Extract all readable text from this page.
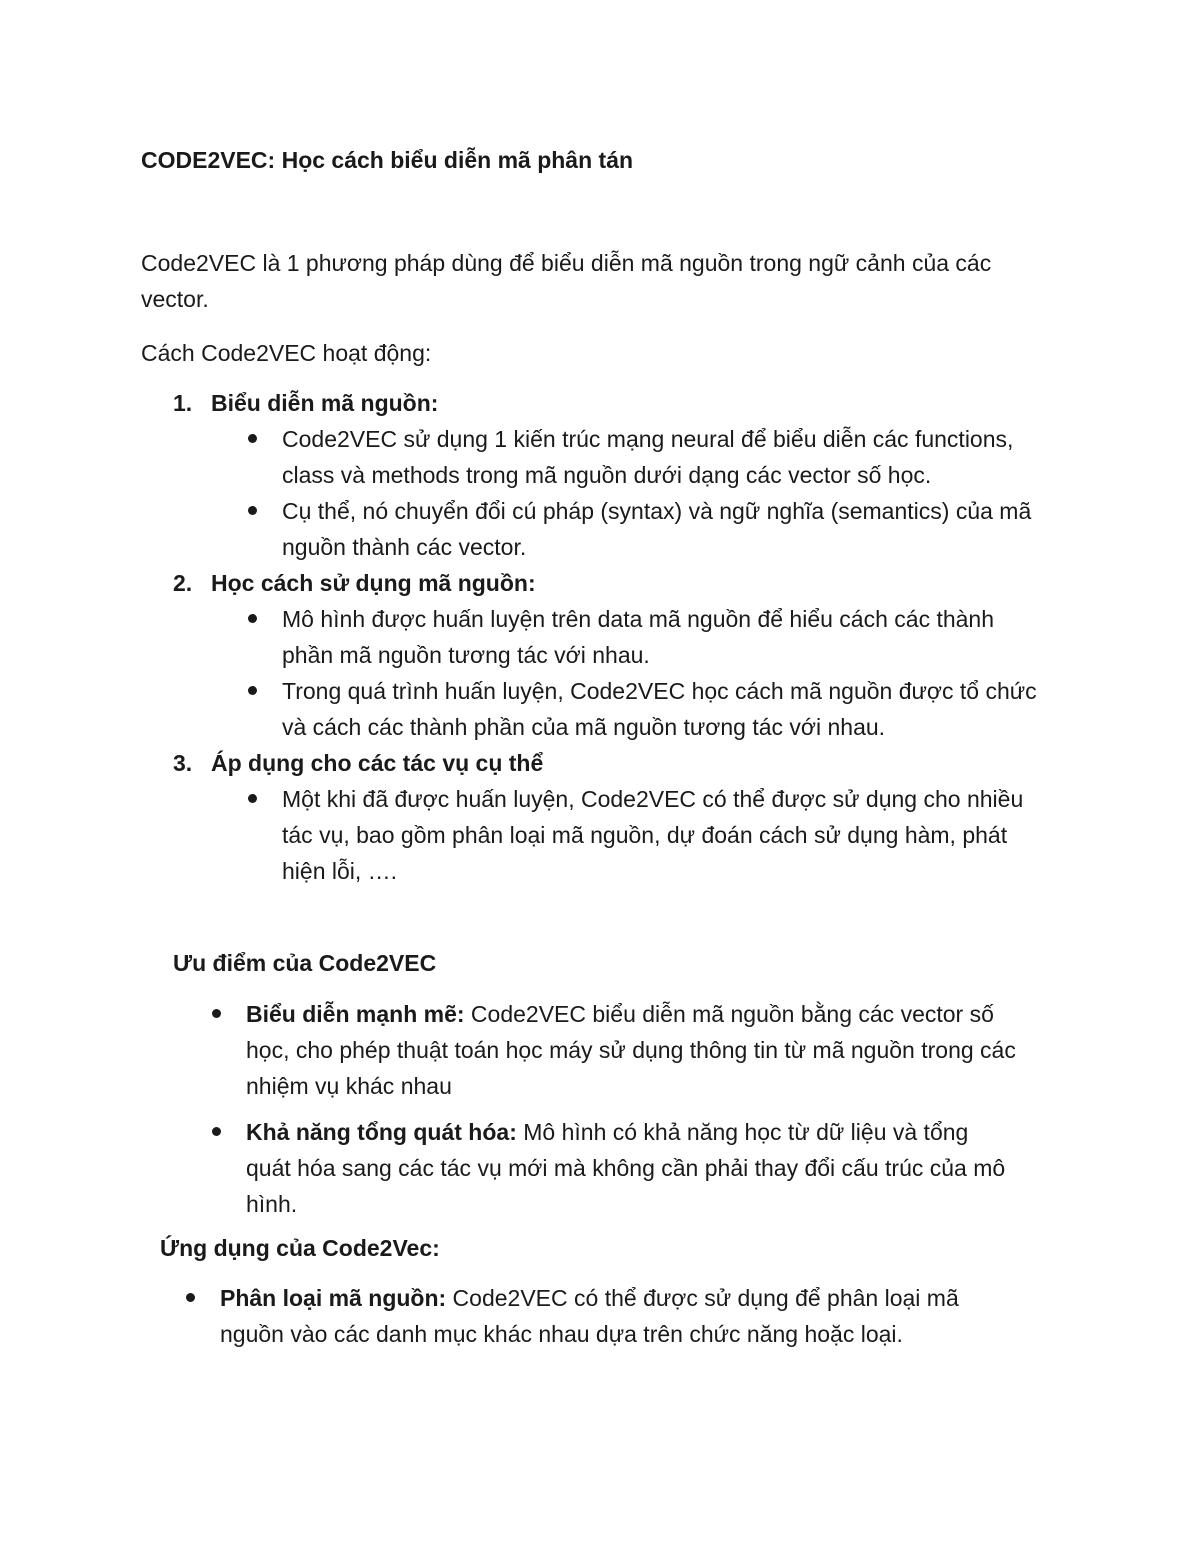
CODE2VEC: Học cách biểu diễn mã phân tán

Code2VEC là 1 phương pháp dùng để biểu diễn mã nguồn trong ngữ cảnh của các vector.

Cách Code2VEC hoạt động:

1. Biểu diễn mã nguồn:
Code2VEC sử dụng 1 kiến trúc mạng neural để biểu diễn các functions, class và methods trong mã nguồn dưới dạng các vector số học.
Cụ thể, nó chuyển đổi cú pháp (syntax) và ngữ nghĩa (semantics) của mã nguồn thành các vector.
2. Học cách sử dụng mã nguồn:
Mô hình được huấn luyện trên data mã nguồn để hiểu cách các thành phần mã nguồn tương tác với nhau.
Trong quá trình huấn luyện, Code2VEC học cách mã nguồn được tổ chức và cách các thành phần của mã nguồn tương tác với nhau.
3. Áp dụng cho các tác vụ cụ thể
Một khi đã được huấn luyện, Code2VEC có thể được sử dụng cho nhiều tác vụ, bao gồm phân loại mã nguồn, dự đoán cách sử dụng hàm, phát hiện lỗi, ….

Ưu điểm của Code2VEC

Biểu diễn mạnh mẽ: Code2VEC biểu diễn mã nguồn bằng các vector số học, cho phép thuật toán học máy sử dụng thông tin từ mã nguồn trong các nhiệm vụ khác nhau
Khả năng tổng quát hóa: Mô hình có khả năng học từ dữ liệu và tổng quát hóa sang các tác vụ mới mà không cần phải thay đổi cấu trúc của mô hình.

Ứng dụng của Code2Vec:

Phân loại mã nguồn: Code2VEC có thể được sử dụng để phân loại mã nguồn vào các danh mục khác nhau dựa trên chức năng hoặc loại.
